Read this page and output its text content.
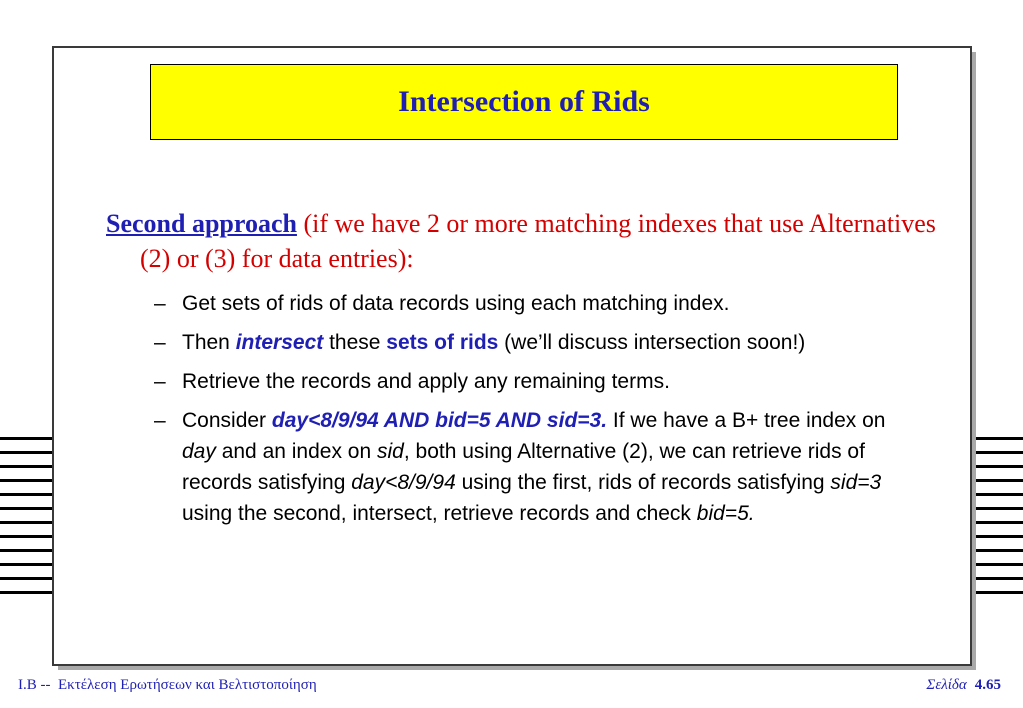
Intersection of Rids
Second approach (if we have 2 or more matching indexes that use Alternatives (2) or (3) for data entries):
– Get sets of rids of data records using each matching index.
– Then intersect these sets of rids (we’ll discuss intersection soon!)
– Retrieve the records and apply any remaining terms.
– Consider day<8/9/94 AND bid=5 AND sid=3. If we have a B+ tree index on day and an index on sid, both using Alternative (2), we can retrieve rids of records satisfying day<8/9/94 using the first, rids of records satisfying sid=3 using the second, intersect, retrieve records and check bid=5.
I.B --  Εκτέλεση Ερωτήσεων και Βελτιστοποίηση	Σελίδα 4.65
